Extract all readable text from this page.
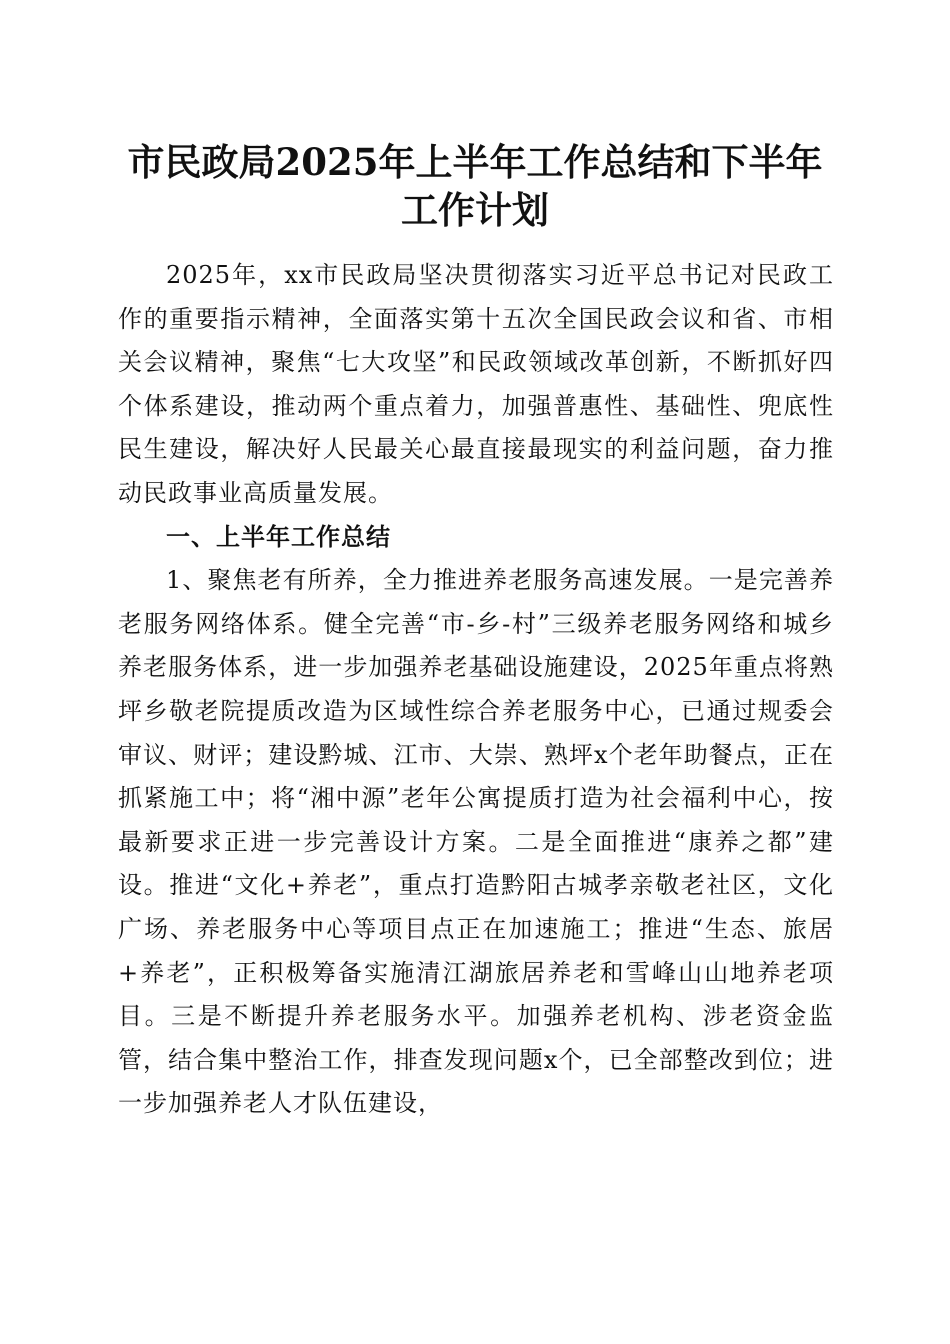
市民政局2025年上半年工作总结和下半年工作计划

2025年，xx市民政局坚决贯彻落实习近平总书记对民政工作的重要指示精神，全面落实第十五次全国民政会议和省、市相关会议精神，聚焦“七大攻坚”和民政领域改革创新，不断抓好四个体系建设，推动两个重点着力，加强普惠性、基础性、兜底性民生建设，解决好人民最关心最直接最现实的利益问题，奋力推动民政事业高质量发展。

一、上半年工作总结

1、聚焦老有所养，全力推进养老服务高速发展。一是完善养老服务网络体系。健全完善“市-乡-村”三级养老服务网络和城乡养老服务体系，进一步加强养老基础设施建设，2025年重点将熟坪乡敬老院提质改造为区域性综合养老服务中心，已通过规委会审议、财评；建设黔城、江市、大崇、熟坪x个老年助餐点，正在抓紧施工中；将“湘中源”老年公寓提质打造为社会福利中心，按最新要求正进一步完善设计方案。二是全面推进“康养之都”建设。推进“文化+养老”，重点打造黔阳古城孝亲敬老社区，文化广场、养老服务中心等项目点正在加速施工；推进“生态、旅居+养老”，正积极筹备实施清江湖旅居养老和雪峰山山地养老项目。三是不断提升养老服务水平。加强养老机构、涉老资金监管，结合集中整治工作，排查发现问题x个，已全部整改到位；进一步加强养老人才队伍建设，
